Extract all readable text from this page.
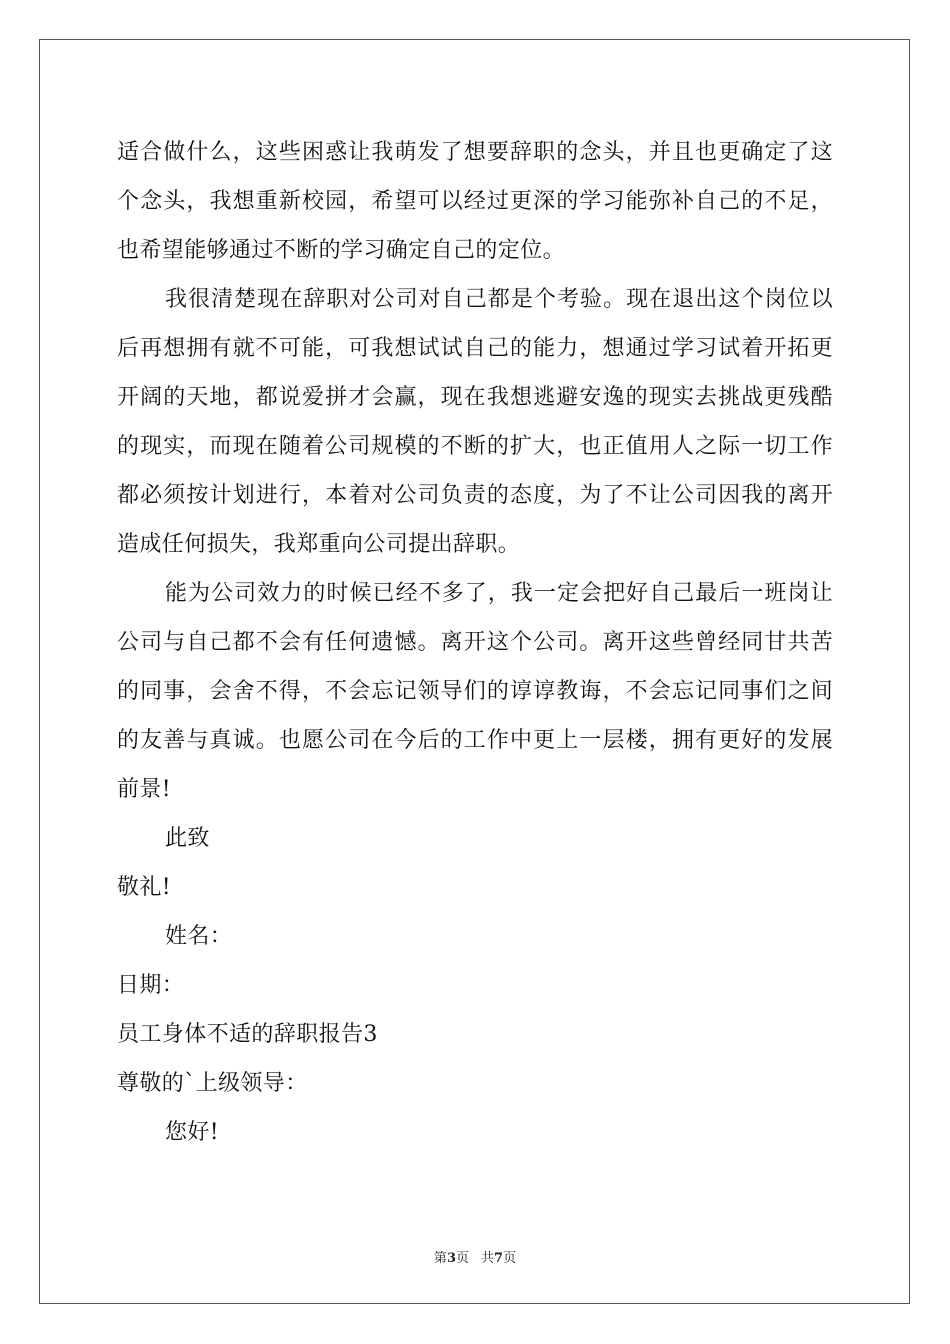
适合做什么，这些困惑让我萌发了想要辞职的念头，并且也更确定了这个念头，我想重新校园，希望可以经过更深的学习能弥补自己的不足，也希望能够通过不断的学习确定自己的定位。

我很清楚现在辞职对公司对自己都是个考验。现在退出这个岗位以后再想拥有就不可能，可我想试试自己的能力，想通过学习试着开拓更开阔的天地，都说爱拼才会赢，现在我想逃避安逸的现实去挑战更残酷的现实，而现在随着公司规模的不断的扩大，也正值用人之际一切工作都必须按计划进行，本着对公司负责的态度，为了不让公司因我的离开造成任何损失，我郑重向公司提出辞职。

能为公司效力的时候已经不多了，我一定会把好自己最后一班岗让公司与自己都不会有任何遗憾。离开这个公司。离开这些曾经同甘共苦的同事，会舍不得，不会忘记领导们的谆谆教诲，不会忘记同事们之间的友善与真诚。也愿公司在今后的工作中更上一层楼，拥有更好的发展前景!

此致

敬礼!

姓名：

日期：

员工身体不适的辞职报告3

尊敬的`上级领导：

您好!

第3页 共7页
